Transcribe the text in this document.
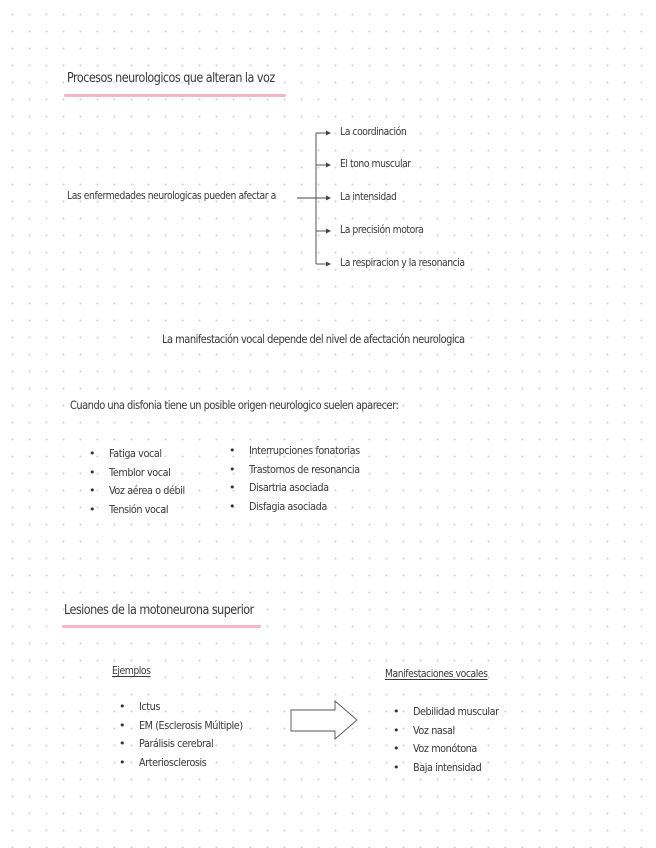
Procesos neurologicos que alteran la voz
Las enfermedades neurologicas pueden afectar a
La coordinación
El tono muscular
La intensidad
La precisión motora
La respiracion y la resonancia
La manifestación vocal depende del nivel de afectación neurologica
Cuando una disfonia tiene un posible origen neurologico suelen aparecer:
• Fatiga vocal
• Temblor vocal
• Voz aérea o débil
• Tensión vocal
• Interrupciones fonatorias
• Trastornos de resonancia
• Disartria asociada
• Disfagia asociada
Lesiones de la motoneurona superior
Ejemplos
• Ictus
• EM (Esclerosis Múltiple)
• Parálisis cerebral
• Arteriosclerosis
Manifestaciones vocales
• Debilidad muscular
• Voz nasal
• Voz monótona
• Baja intensidad
